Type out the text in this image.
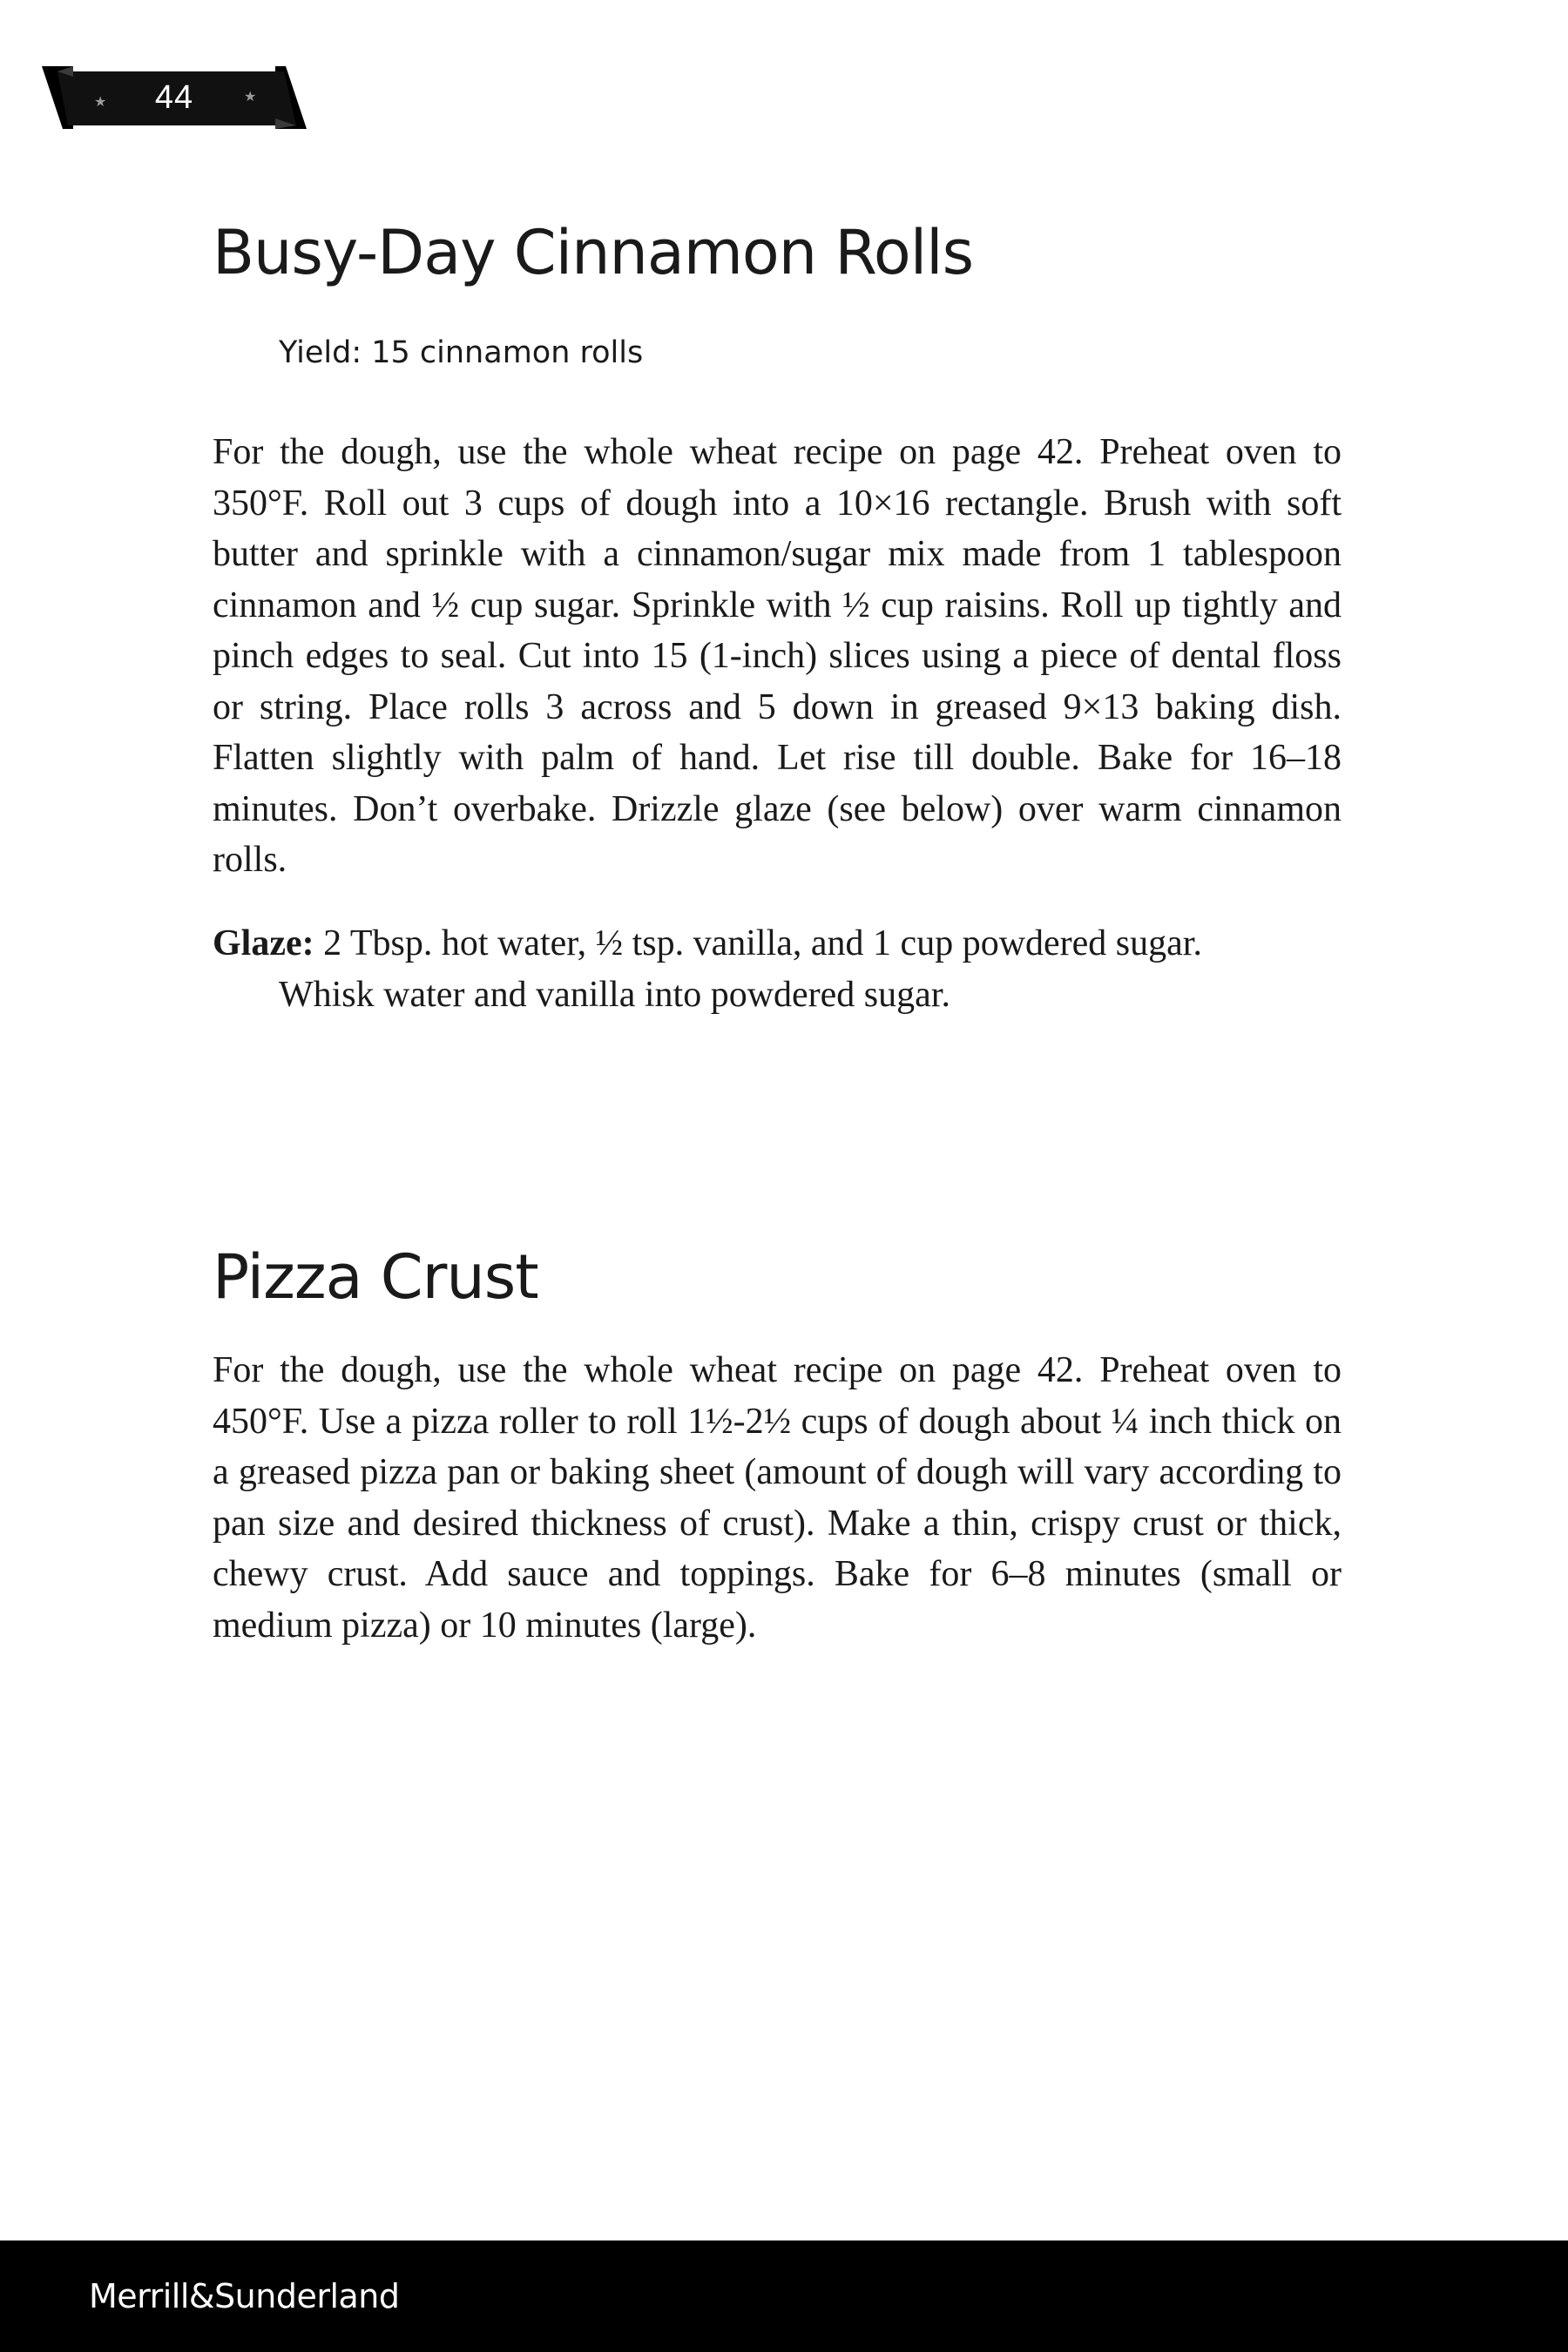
★	★
44
Busy-Day Cinnamon Rolls
Yield: 15 cinnamon rolls

For the dough, use the whole wheat recipe on page 42. Preheat oven to 350°F. Roll out 3 cups of dough into a 10×16 rectangle. Brush with soft butter and sprinkle with a cinnamon/sugar mix made from 1 tablespoon cinnamon and ½ cup sugar. Sprinkle with ½ cup raisins. Roll up tightly and pinch edges to seal. Cut into 15 (1-inch) slices using a piece of dental floss or string. Place rolls 3 across and 5 down in greased 9×13 baking dish. Flatten slightly with palm of hand. Let rise till double. Bake for 16–18 minutes. Don’t overbake. Drizzle glaze (see below) over warm cinnamon rolls.

Glaze: 2 Tbsp. hot water, ½ tsp. vanilla, and 1 cup powdered sugar.
Whisk water and vanilla into powdered sugar.

Pizza Crust

For the dough, use the whole wheat recipe on page 42. Preheat oven to 450°F. Use a pizza roller to roll 1½-2½ cups of dough about ¼ inch thick on a greased pizza pan or baking sheet (amount of dough will vary according to pan size and desired thickness of crust). Make a thin, crispy crust or thick, chewy crust. Add sauce and toppings. Bake for 6–8 minutes (small or medium pizza) or 10 minutes (large).

Merrill&Sunderland
